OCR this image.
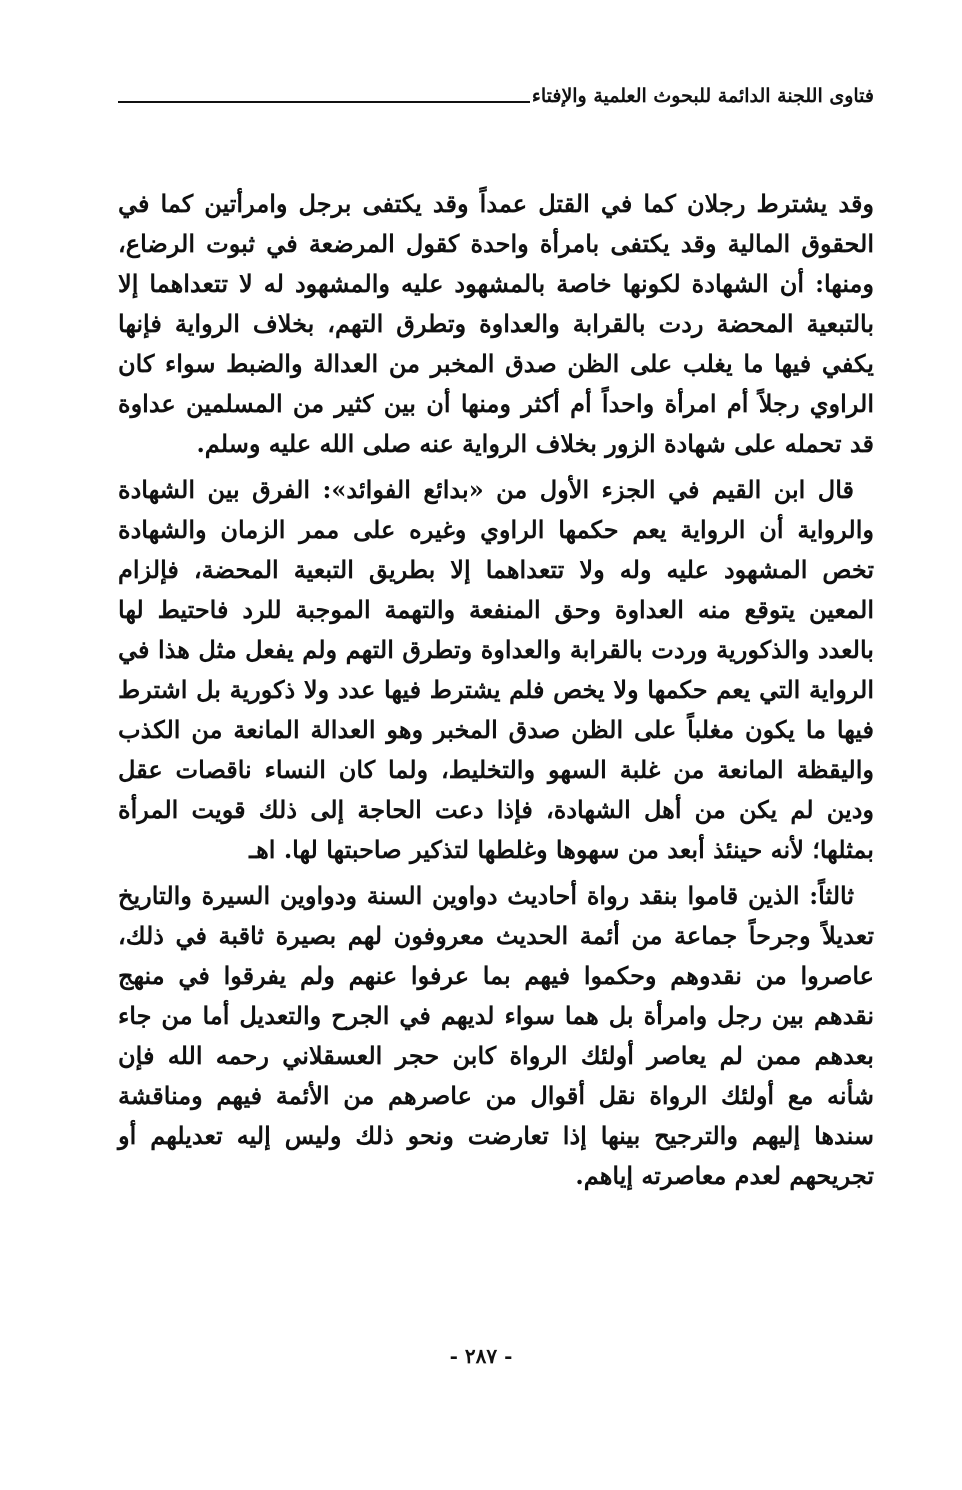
فتاوى اللجنة الدائمة للبحوث العلمية والإفتاء

وقد يشترط رجلان كما في القتل عمداً وقد يكتفى برجل وامرأتين كما في الحقوق المالية وقد يكتفى بامرأة واحدة كقول المرضعة في ثبوت الرضاع، ومنها: أن الشهادة لكونها خاصة بالمشهود عليه والمشهود له لا تتعداهما إلا بالتبعية المحضة ردت بالقرابة والعداوة وتطرق التهم، بخلاف الرواية فإنها يكفي فيها ما يغلب على الظن صدق المخبر من العدالة والضبط سواء كان الراوي رجلاً أم امرأة واحداً أم أكثر ومنها أن بين كثير من المسلمين عداوة قد تحمله على شهادة الزور بخلاف الرواية عنه صلى الله عليه وسلم.

قال ابن القيم في الجزء الأول من «بدائع الفوائد»: الفرق بين الشهادة والرواية أن الرواية يعم حكمها الراوي وغيره على ممر الزمان والشهادة تخص المشهود عليه وله ولا تتعداهما إلا بطريق التبعية المحضة، فإلزام المعين يتوقع منه العداوة وحق المنفعة والتهمة الموجبة للرد فاحتيط لها بالعدد والذكورية وردت بالقرابة والعداوة وتطرق التهم ولم يفعل مثل هذا في الرواية التي يعم حكمها ولا يخص فلم يشترط فيها عدد ولا ذكورية بل اشترط فيها ما يكون مغلباً على الظن صدق المخبر وهو العدالة المانعة من الكذب واليقظة المانعة من غلبة السهو والتخليط، ولما كان النساء ناقصات عقل ودين لم يكن من أهل الشهادة، فإذا دعت الحاجة إلى ذلك قويت المرأة بمثلها؛ لأنه حينئذ أبعد من سهوها وغلطها لتذكير صاحبتها لها. اهـ

ثالثاً: الذين قاموا بنقد رواة أحاديث دواوين السنة ودواوين السيرة والتاريخ تعديلاً وجرحاً جماعة من أئمة الحديث معروفون لهم بصيرة ثاقبة في ذلك، عاصروا من نقدوهم وحكموا فيهم بما عرفوا عنهم ولم يفرقوا في منهج نقدهم بين رجل وامرأة بل هما سواء لديهم في الجرح والتعديل أما من جاء بعدهم ممن لم يعاصر أولئك الرواة كابن حجر العسقلاني رحمه الله فإن شأنه مع أولئك الرواة نقل أقوال من عاصرهم من الأئمة فيهم ومناقشة سندها إليهم والترجيح بينها إذا تعارضت ونحو ذلك وليس إليه تعديلهم أو تجريحهم لعدم معاصرته إياهم.

- ٢٨٧ -
